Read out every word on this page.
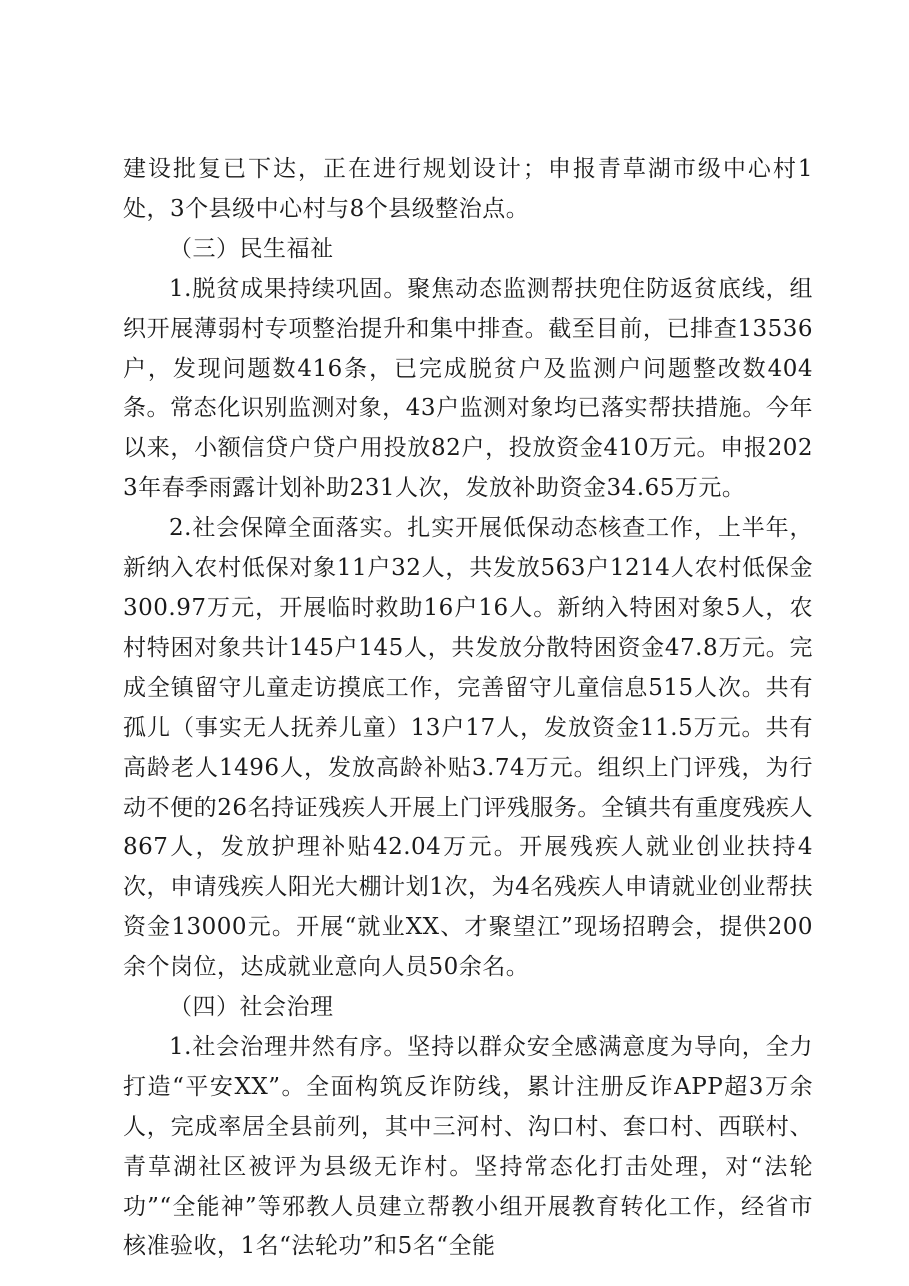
建设批复已下达，正在进行规划设计；申报青草湖市级中心村1处，3个县级中心村与8个县级整治点。

（三）民生福祉

1.脱贫成果持续巩固。聚焦动态监测帮扶兜住防返贫底线，组织开展薄弱村专项整治提升和集中排查。截至目前，已排查13536户，发现问题数416条，已完成脱贫户及监测户问题整改数404条。常态化识别监测对象，43户监测对象均已落实帮扶措施。今年以来，小额信贷户贷户用投放82户，投放资金410万元。申报2023年春季雨露计划补助231人次，发放补助资金34.65万元。

2.社会保障全面落实。扎实开展低保动态核查工作，上半年，新纳入农村低保对象11户32人，共发放563户1214人农村低保金300.97万元，开展临时救助16户16人。新纳入特困对象5人，农村特困对象共计145户145人，共发放分散特困资金47.8万元。完成全镇留守儿童走访摸底工作，完善留守儿童信息515人次。共有孤儿（事实无人抚养儿童）13户17人，发放资金11.5万元。共有高龄老人1496人，发放高龄补贴3.74万元。组织上门评残，为行动不便的26名持证残疾人开展上门评残服务。全镇共有重度残疾人867人，发放护理补贴42.04万元。开展残疾人就业创业扶持4次，申请残疾人阳光大棚计划1次，为4名残疾人申请就业创业帮扶资金13000元。开展“就业XX、才聚望江”现场招聘会，提供200余个岗位，达成就业意向人员50余名。

（四）社会治理

1.社会治理井然有序。坚持以群众安全感满意度为导向，全力打造“平安XX”。全面构筑反诈防线，累计注册反诈APP超3万余人，完成率居全县前列，其中三河村、沟口村、套口村、西联村、青草湖社区被评为县级无诈村。坚持常态化打击处理，对“法轮功”“全能神”等邪教人员建立帮教小组开展教育转化工作，经省市核准验收，1名“法轮功”和5名“全能
